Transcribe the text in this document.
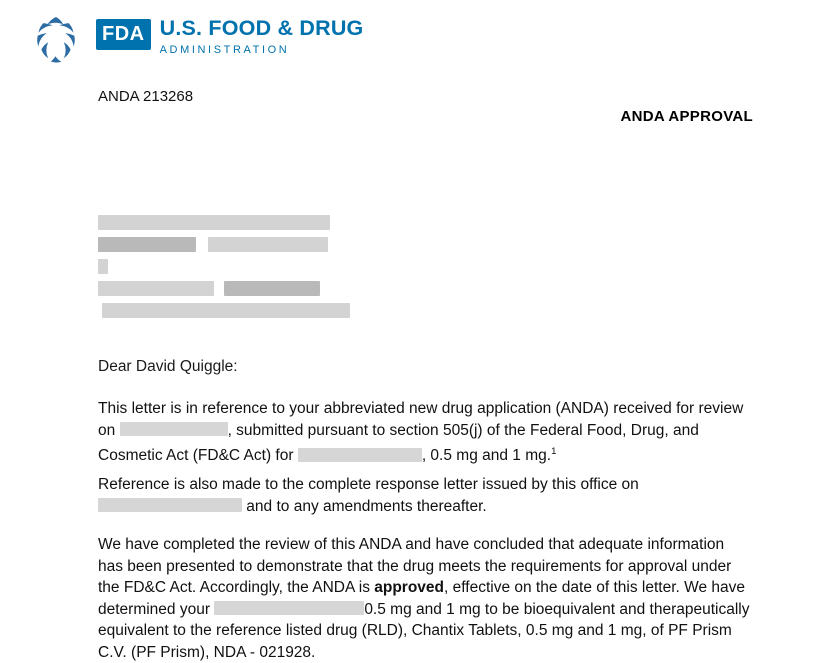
FDA U.S. FOOD & DRUG
ADMINISTRATION
ANDA 213268
ANDA APPROVAL
Dear David Quiggle:
This letter is in reference to your abbreviated new drug application (ANDA) received for review on	, submitted pursuant to section 505(j) of the Federal Food, Drug, and Cosmetic Act (FD&C Act) for	, 0.5 mg and 1 mg.$^1$
Reference is also made to the complete response letter issued by this office on  and to any amendments thereafter.
We have completed the review of this ANDA and have concluded that adequate information has been presented to demonstrate that the drug meets the requirements for approval under the FD&C Act. Accordingly, the ANDA is approved, effective on the date of this letter. We have determined your	0.5 mg and 1 mg to be bioequivalent and therapeutically equivalent to the reference listed drug (RLD), Chantix Tablets, 0.5 mg and 1 mg, of PF Prism C.V. (PF Prism), NDA - 021928.
